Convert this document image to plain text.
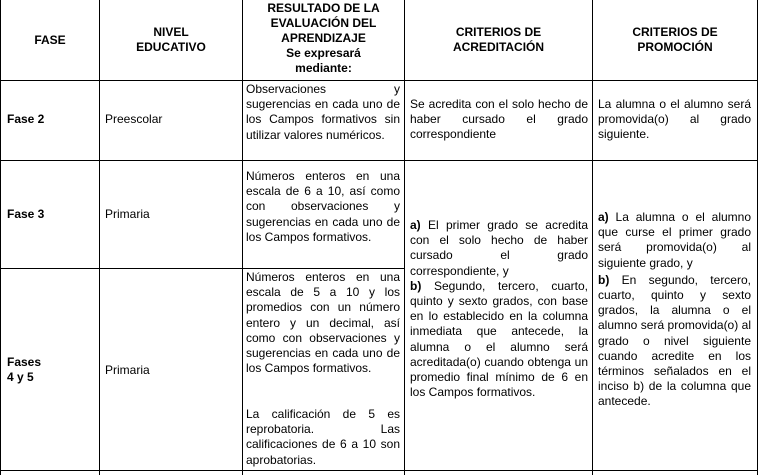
FASE
NIVEL
EDUCATIVO
RESULTADO DE LA
EVALUACIÓN DEL
APRENDIZAJE
Se expresará
mediante:
CRITERIOS DE
ACREDITACIÓN
CRITERIOS DE
PROMOCIÓN
Fase 2	Preescolar
Observaciones y sugerencias en cada uno de los Campos formativos sin utilizar valores numéricos.
Se acredita con el solo hecho de haber cursado el grado correspondiente
La alumna o el alumno será promovida(o) al grado siguiente.
Fase 3	Primaria
Números enteros en una escala de 6 a 10, así como con observaciones y sugerencias en cada uno de los Campos formativos.
Fases
4 y 5
Primaria
Números enteros en una escala de 5 a 10 y los promedios con un número entero y un decimal, así como con observaciones y sugerencias en cada uno de los Campos formativos.
La calificación de 5 es reprobatoria. Las calificaciones de 6 a 10 son aprobatorias.
a) El primer grado se acredita con el solo hecho de haber cursado el grado correspondiente, y
b) Segundo, tercero, cuarto, quinto y sexto grados, con base en lo establecido en la columna inmediata que antecede, la alumna o el alumno será acreditada(o) cuando obtenga un promedio final mínimo de 6 en los Campos formativos.
a) La alumna o el alumno que curse el primer grado será promovida(o) al siguiente grado, y
b) En segundo, tercero, cuarto, quinto y sexto grados, la alumna o el alumno será promovida(o) al grado o nivel siguiente cuando acredite en los términos señalados en el inciso b) de la columna que antecede.
